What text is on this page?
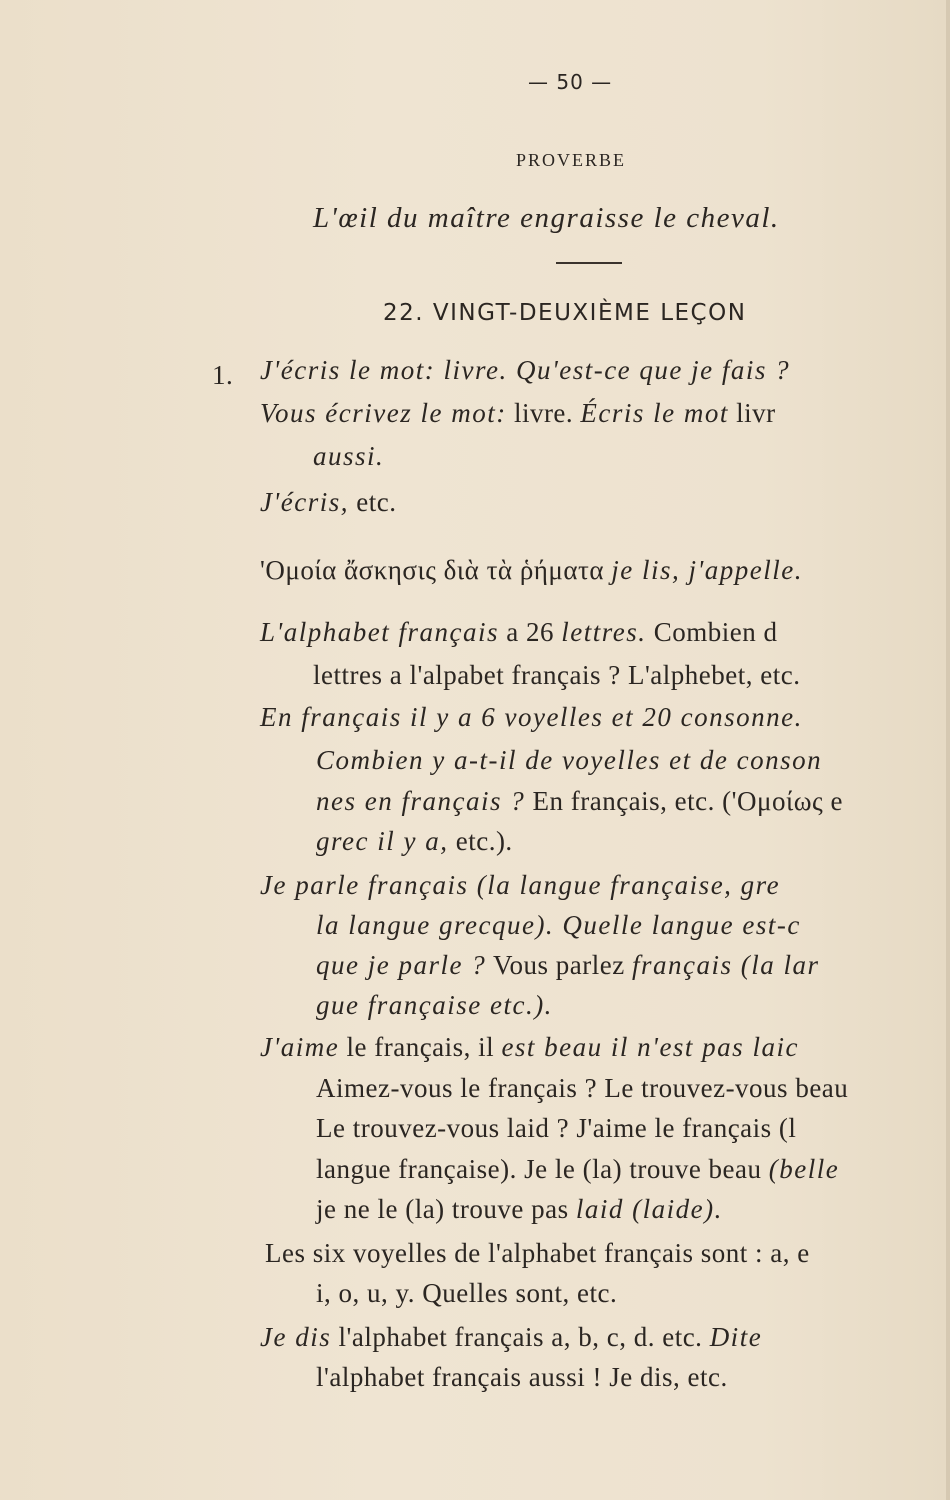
— 50 —
PROVERBE
L'œil du maître engraisse le cheval.
22. VINGT-DEUXIÈME LEÇON
1. J'écris le mot: livre. Qu'est-ce que je fais ?
Vous écrivez le mot: livre. Écris le mot livr
aussi.
J'écris, etc.
'Ομοία ἄσκησις διὰ τὰ ῥήματα je lis, j'appelle.
L'alphabet français a 26 lettres. Combien d
lettres a l'alpabet français ? L'alphebet, etc.
En français il y a 6 voyelles et 20 consonne.
Combien y a-t-il de voyelles et de conson
nes en français ? En français, etc. ('Ομοίως e
grec il y a, etc.).
Je parle français (la langue française, gre
la langue grecque). Quelle langue est-c
que je parle ? Vous parlez français (la lar
gue française etc.).
J'aime le français, il est beau il n'est pas laic
Aimez-vous le français ? Le trouvez-vous beau
Le trouvez-vous laid ? J'aime le français (l
langue française). Je le (la) trouve beau (belle
je ne le (la) trouve pas laid (laide).
Les six voyelles de l'alphabet français sont : a, e
i, o, u, y. Quelles sont, etc.
Je dis l'alphabet français a, b, c, d. etc. Dite
l'alphabet français aussi ! Je dis, etc.
